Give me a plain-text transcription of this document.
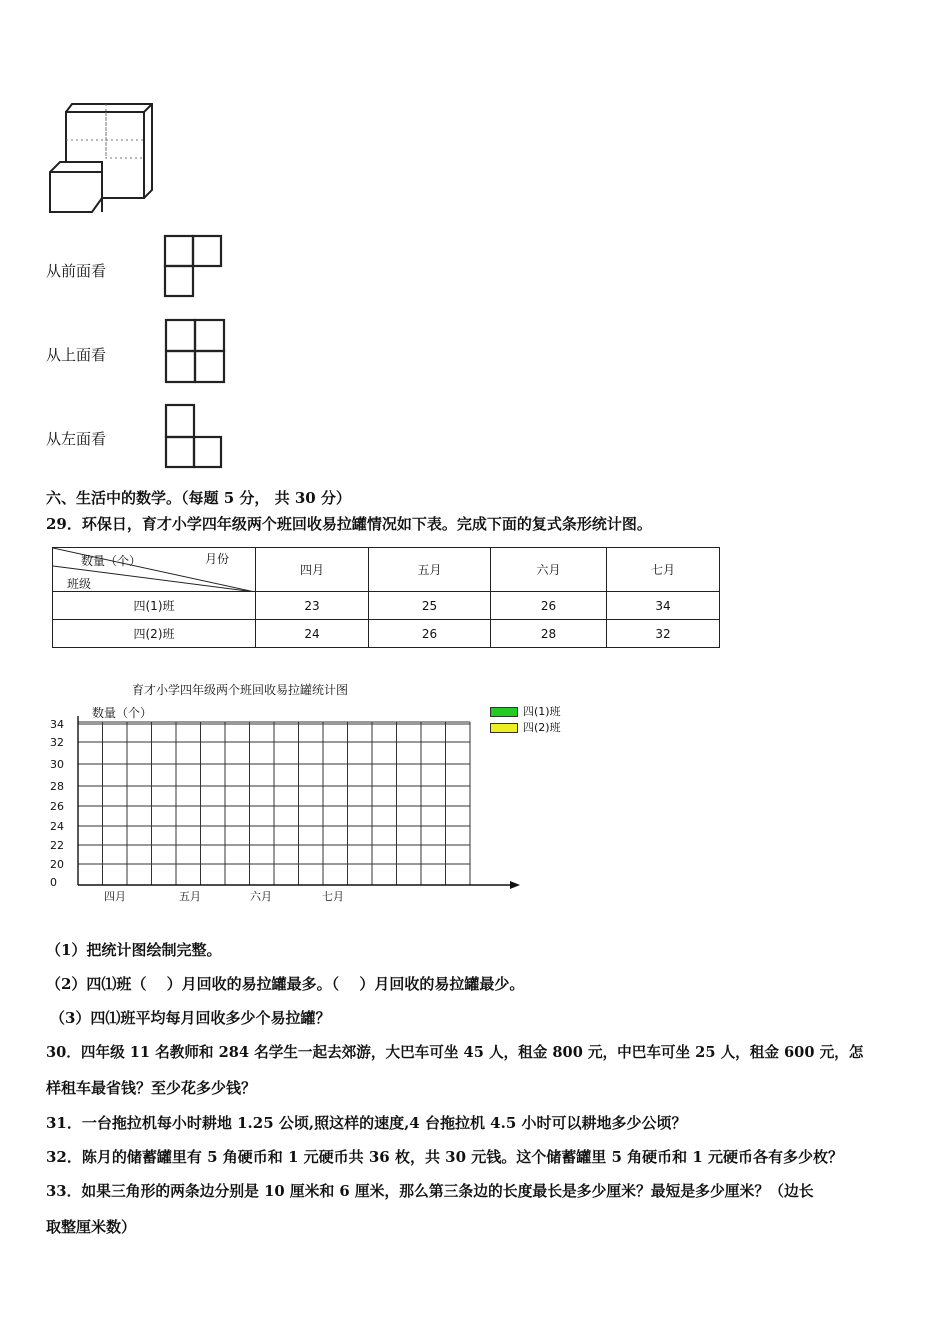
从前面看
从上面看
从左面看
六、生活中的数学。（每题 5 分， 共 30 分）
29．环保日，育才小学四年级两个班回收易拉罐情况如下表。完成下面的复式条形统计图。
数量（个） 月份
班级	四月	五月	六月	七月
四(1)班	23	25	26	34
四(2)班	24	26	28	32
育才小学四年级两个班回收易拉罐统计图
四(1)班
四(2)班
0
20
22
24
26
28
30
32
34
数量（个）
四月	五月	六月	七月
（1）把统计图绘制完整。
（2）四⑴班（　 ）月回收的易拉罐最多。（　 ）月回收的易拉罐最少。
（3）四⑴班平均每月回收多少个易拉罐？
30．四年级 11 名教师和 284 名学生一起去郊游，大巴车可坐 45 人，租金 800 元，中巴车可坐 25 人，租金 600 元，怎
样租车最省钱？至少花多少钱？
31．一台拖拉机每小时耕地 1.25 公顷,照这样的速度,4 台拖拉机 4.5 小时可以耕地多少公顷？
32．陈月的储蓄罐里有 5 角硬币和 1 元硬币共 36 枚，共 30 元钱。这个储蓄罐里 5 角硬币和 1 元硬币各有多少枚？
33．如果三角形的两条边分别是 10 厘米和 6 厘米，那么第三条边的长度最长是多少厘米？最短是多少厘米？（边长
取整厘米数）
